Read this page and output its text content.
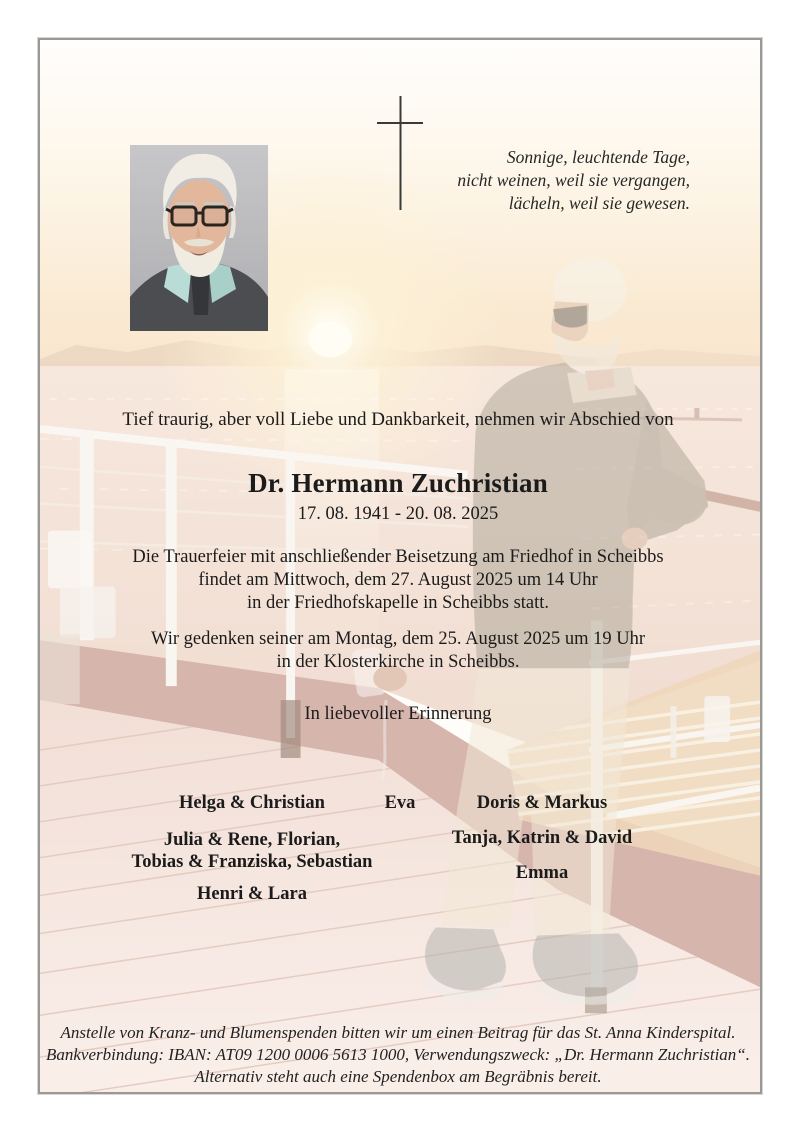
Sonnige, leuchtende Tage,
nicht weinen, weil sie vergangen,
lächeln, weil sie gewesen.
Tief traurig, aber voll Liebe und Dankbarkeit, nehmen wir Abschied von
Dr. Hermann Zuchristian
17. 08. 1941 - 20. 08. 2025
Die Trauerfeier mit anschließender Beisetzung am Friedhof in Scheibbs
findet am Mittwoch, dem 27. August 2025 um 14 Uhr
in der Friedhofskapelle in Scheibbs statt.
Wir gedenken seiner am Montag, dem 25. August 2025 um 19 Uhr
in der Klosterkirche in Scheibbs.
In liebevoller Erinnerung
Helga & Christian
Julia & Rene, Florian,
Tobias & Franziska, Sebastian
Henri & Lara
Eva	Doris & Markus
Tanja, Katrin & David
Emma
Anstelle von Kranz- und Blumenspenden bitten wir um einen Beitrag für das St. Anna Kinderspital.
Bankverbindung: IBAN: AT09 1200 0006 5613 1000, Verwendungszweck: „Dr. Hermann Zuchristian“.
Alternativ steht auch eine Spendenbox am Begräbnis bereit.
